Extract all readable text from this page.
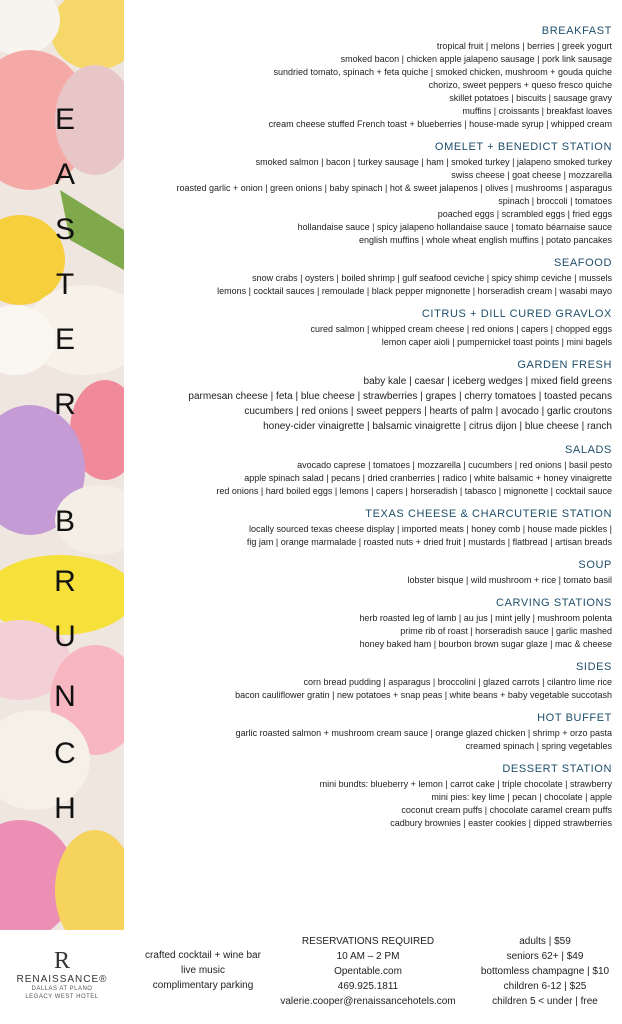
E
A
S
T
E
R
B
R
U
N
C
H
BREAKFAST
tropical fruit | melons | berries | greek yogurt
smoked bacon | chicken apple jalapeno sausage | pork link sausage
sundried tomato, spinach + feta quiche | smoked chicken, mushroom + gouda quiche
chorizo, sweet peppers + queso fresco quiche
skillet potatoes | biscuits | sausage gravy
muffins | croissants | breakfast loaves
cream cheese stuffed French toast + blueberries | house-made syrup | whipped cream
OMELET + BENEDICT STATION
smoked salmon | bacon | turkey sausage | ham | smoked turkey | jalapeno smoked turkey
swiss cheese | goat cheese | mozzarella
roasted garlic + onion | green onions | baby spinach | hot & sweet jalapenos | olives | mushrooms | asparagus
spinach | broccoli | tomatoes
poached eggs | scrambled eggs | fried eggs
hollandaise sauce | spicy jalapeno hollandaise sauce | tomato béarnaise sauce
english muffins | whole wheat english muffins | potato pancakes
SEAFOOD
snow crabs | oysters | boiled shrimp | gulf seafood ceviche | spicy shimp ceviche | mussels
lemons | cocktail sauces | remoulade | black pepper mignonette | horseradish cream | wasabi mayo
CITRUS + DILL CURED GRAVLOX
cured salmon | whipped cream cheese | red onions | capers | chopped eggs
lemon caper aioli | pumpernickel toast points | mini bagels
GARDEN FRESH
baby kale | caesar | iceberg wedges | mixed field greens
parmesan cheese | feta | blue cheese | strawberries | grapes | cherry tomatoes | toasted pecans
cucumbers | red onions | sweet peppers | hearts of palm | avocado | garlic croutons
honey-cider vinaigrette | balsamic vinaigrette | citrus dijon | blue cheese | ranch
SALADS
avocado caprese | tomatoes | mozzarella | cucumbers | red onions | basil pesto
apple spinach salad | pecans | dried cranberries | radico | white balsamic + honey vinaigrette
red onions | hard boiled eggs | lemons | capers | horseradish | tabasco | mignonette | cocktail sauce
TEXAS CHEESE & CHARCUTERIE STATION
locally sourced texas cheese display | imported meats | honey comb | house made pickles |
fig jam | orange marmalade | roasted nuts + dried fruit | mustards | flatbread | artisan breads
SOUP
lobster bisque | wild mushroom + rice | tomato basil
CARVING STATIONS
herb roasted leg of lamb | au jus | mint jelly | mushroom polenta
prime rib of roast | horseradish sauce | garlic mashed
honey baked ham | bourbon brown sugar glaze | mac & cheese
SIDES
corn bread pudding | asparagus | broccolini | glazed carrots | cilantro lime rice
bacon cauliflower gratin | new potatoes + snap peas | white beans + baby vegetable succotash
HOT BUFFET
garlic roasted salmon + mushroom cream sauce | orange glazed chicken | shrimp + orzo pasta
creamed spinach | spring vegetables
DESSERT STATION
mini bundts: blueberry + lemon | carrot cake | triple chocolate | strawberry
mini pies: key lime | pecan | chocolate | apple
coconut cream puffs | chocolate caramel cream puffs
cadbury brownies | easter cookies | dipped strawberries
R
RENAISSANCE®
DALLAS AT PLANO
LEGACY WEST HOTEL
crafted cocktail + wine bar
live music
complimentary parking
RESERVATIONS REQUIRED
10 AM – 2 PM
Opentable.com
469.925.1811
valerie.cooper@renaissancehotels.com
adults | $59
seniors 62+ | $49
bottomless champagne | $10
children 6-12 | $25
children 5 < under | free
